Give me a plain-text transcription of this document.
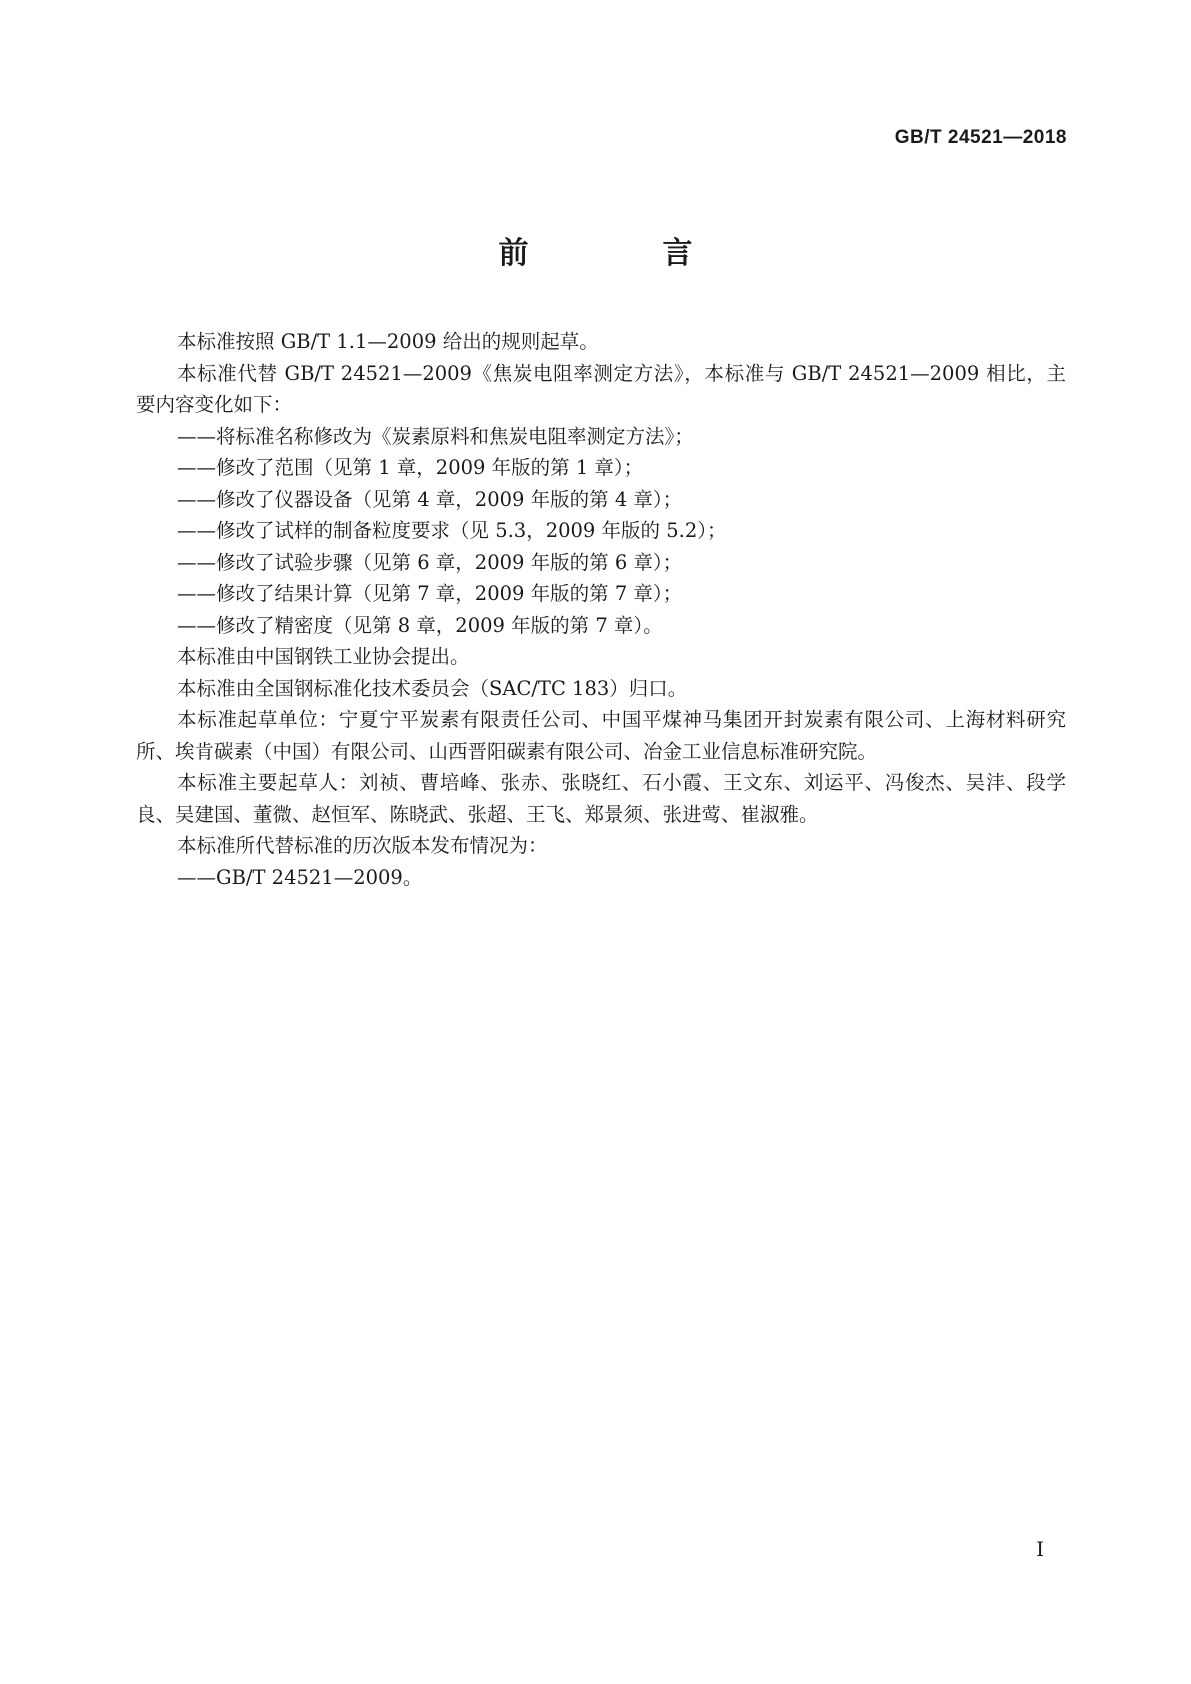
GB/T 24521—2018
前　言

本标准按照 GB/T 1.1—2009 给出的规则起草。

本标准代替 GB/T 24521—2009《焦炭电阻率测定方法》，本标准与 GB/T 24521—2009 相比，主要内容变化如下：

——将标准名称修改为《炭素原料和焦炭电阻率测定方法》；

——修改了范围（见第 1 章，2009 年版的第 1 章）；

——修改了仪器设备（见第 4 章，2009 年版的第 4 章）；

——修改了试样的制备粒度要求（见 5.3，2009 年版的 5.2）；

——修改了试验步骤（见第 6 章，2009 年版的第 6 章）；

——修改了结果计算（见第 7 章，2009 年版的第 7 章）；

——修改了精密度（见第 8 章，2009 年版的第 7 章）。

本标准由中国钢铁工业协会提出。

本标准由全国钢标准化技术委员会（SAC/TC 183）归口。

本标准起草单位：宁夏宁平炭素有限责任公司、中国平煤神马集团开封炭素有限公司、上海材料研究所、埃肯碳素（中国）有限公司、山西晋阳碳素有限公司、冶金工业信息标准研究院。

本标准主要起草人：刘祯、曹培峰、张赤、张晓红、石小霞、王文东、刘运平、冯俊杰、吴沣、段学良、吴建国、董微、赵恒军、陈晓武、张超、王飞、郑景须、张进莺、崔淑雅。

本标准所代替标准的历次版本发布情况为：

——GB/T 24521—2009。

I
